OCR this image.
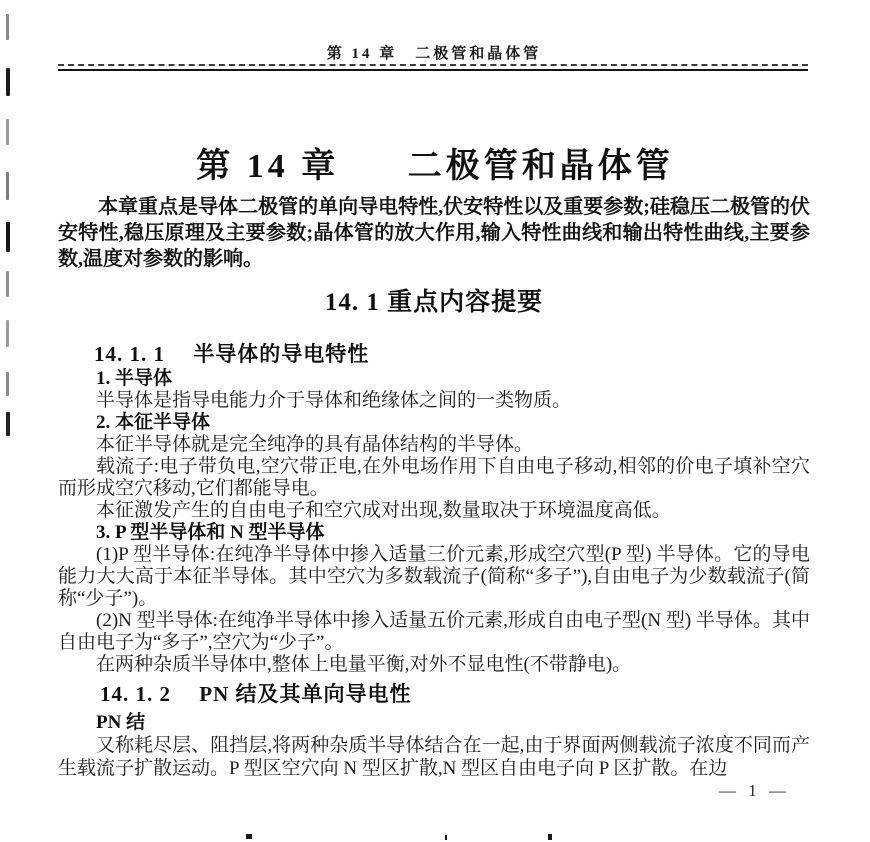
第 14 章　二极管和晶体管
第 14 章 二极管和晶体管

本章重点是导体二极管的单向导电特性,伏安特性以及重要参数;硅稳压二极管的伏安特性,稳压原理及主要参数;晶体管的放大作用,输入特性曲线和输出特性曲线,主要参数,温度对参数的影响。

14. 1 重点内容提要
14. 1. 1 半导体的导电特性

1. 半导体

半导体是指导电能力介于导体和绝缘体之间的一类物质。

2. 本征半导体

本征半导体就是完全纯净的具有晶体结构的半导体。

载流子:电子带负电,空穴带正电,在外电场作用下自由电子移动,相邻的价电子填补空穴而形成空穴移动,它们都能导电。

本征激发产生的自由电子和空穴成对出现,数量取决于环境温度高低。

3. P 型半导体和 N 型半导体

(1)P 型半导体:在纯净半导体中掺入适量三价元素,形成空穴型(P 型) 半导体。它的导电能力大大高于本征半导体。其中空穴为多数载流子(简称“多子”),自由电子为少数载流子(简称“少子”)。

(2)N 型半导体:在纯净半导体中掺入适量五价元素,形成自由电子型(N 型) 半导体。其中自由电子为“多子”,空穴为“少子”。

在两种杂质半导体中,整体上电量平衡,对外不显电性(不带静电)。

14. 1. 2 PN 结及其单向导电性

PN 结

又称耗尽层、阻挡层,将两种杂质半导体结合在一起,由于界面两侧载流子浓度不同而产生载流子扩散运动。P 型区空穴向 N 型区扩散,N 型区自由电子向 P 区扩散。在边

— 1 —
